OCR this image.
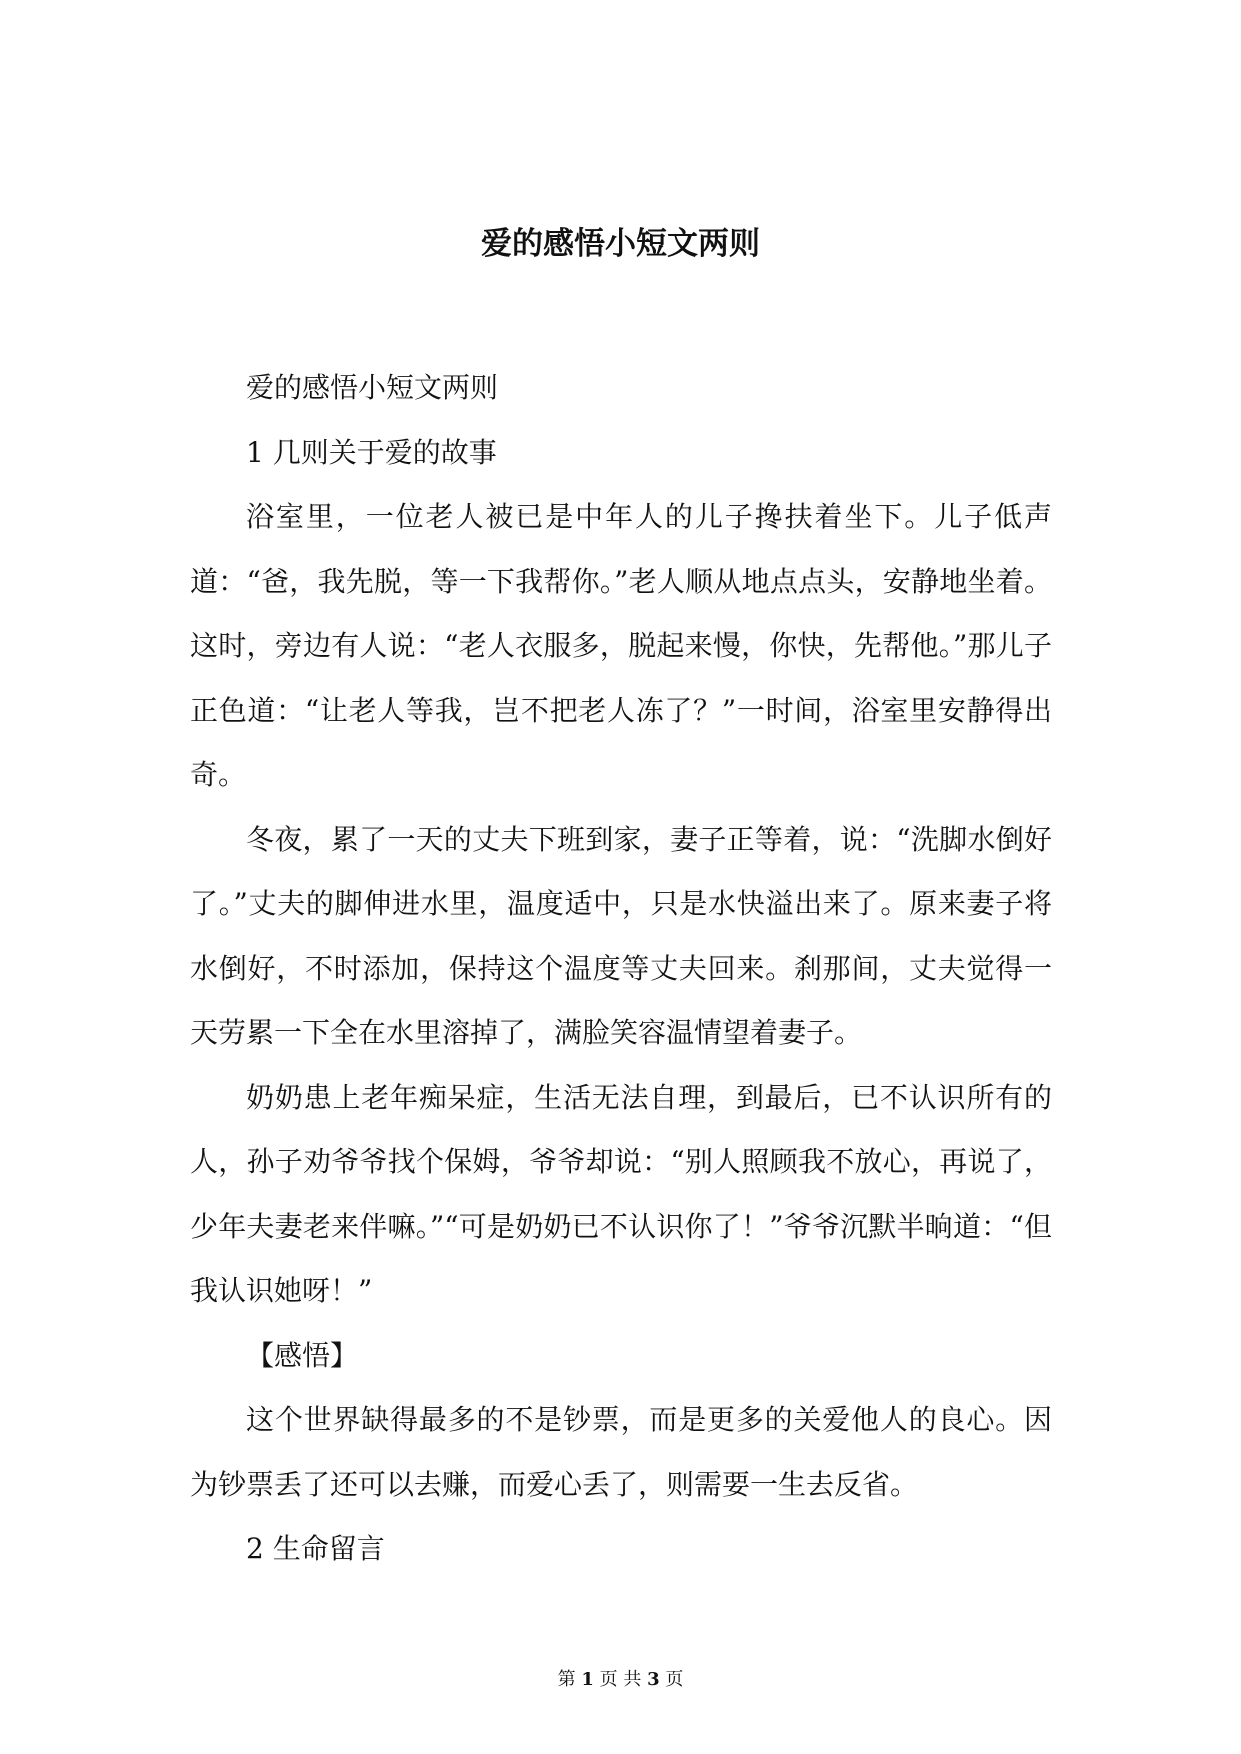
爱的感悟小短文两则

爱的感悟小短文两则

1 几则关于爱的故事

浴室里，一位老人被已是中年人的儿子搀扶着坐下。儿子低声道：“爸，我先脱，等一下我帮你。”老人顺从地点点头，安静地坐着。这时，旁边有人说：“老人衣服多，脱起来慢，你快，先帮他。”那儿子正色道：“让老人等我，岂不把老人冻了？”一时间，浴室里安静得出奇。

冬夜，累了一天的丈夫下班到家，妻子正等着，说：“洗脚水倒好了。”丈夫的脚伸进水里，温度适中，只是水快溢出来了。原来妻子将水倒好，不时添加，保持这个温度等丈夫回来。刹那间，丈夫觉得一天劳累一下全在水里溶掉了，满脸笑容温情望着妻子。

奶奶患上老年痴呆症，生活无法自理，到最后，已不认识所有的人，孙子劝爷爷找个保姆，爷爷却说：“别人照顾我不放心，再说了，少年夫妻老来伴嘛。”“可是奶奶已不认识你了！”爷爷沉默半晌道：“但我认识她呀！”

【感悟】

这个世界缺得最多的不是钞票，而是更多的关爱他人的良心。因为钞票丢了还可以去赚，而爱心丢了，则需要一生去反省。

2 生命留言

第 1 页 共 3 页
